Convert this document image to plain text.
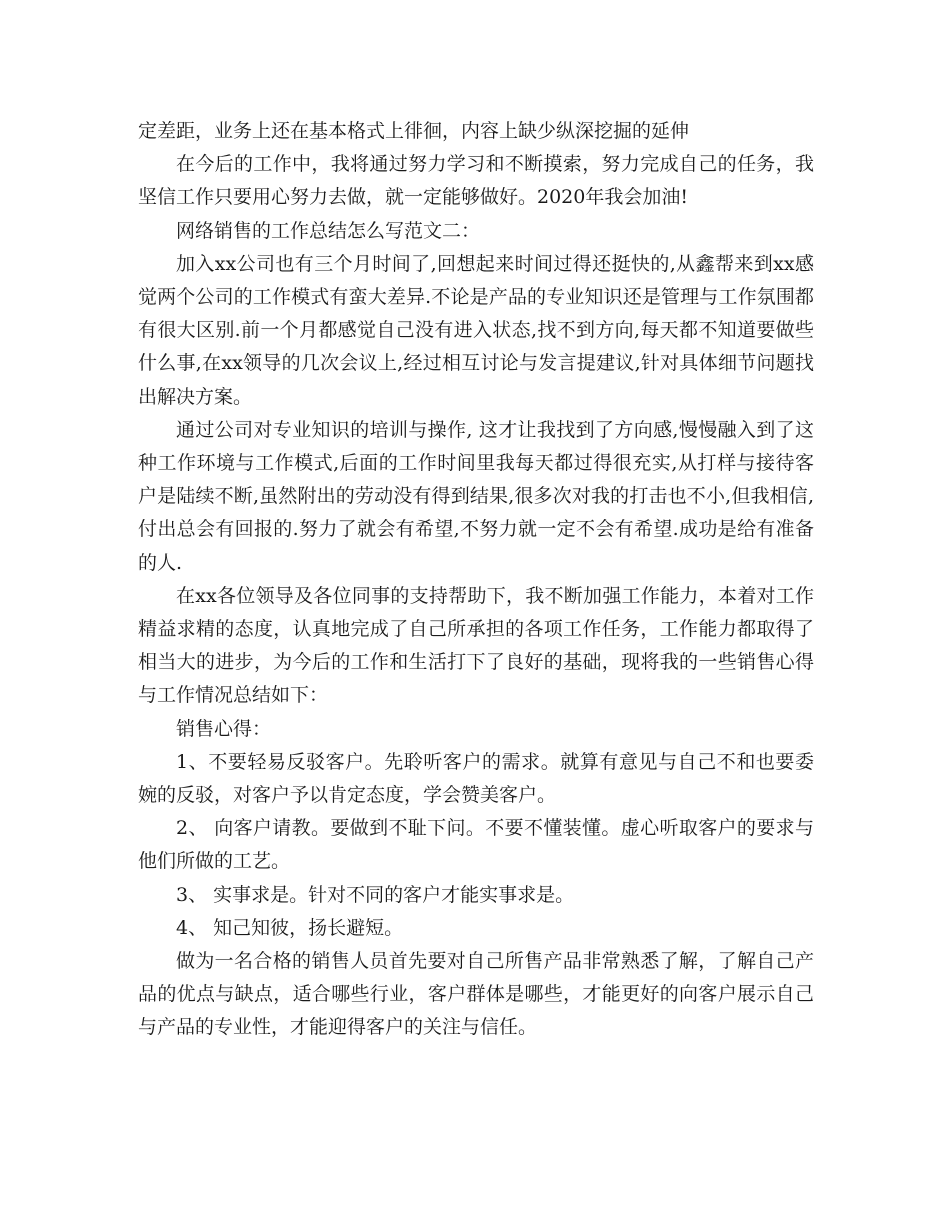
定差距，业务上还在基本格式上徘徊，内容上缺少纵深挖掘的延伸

在今后的工作中，我将通过努力学习和不断摸索，努力完成自己的任务，我坚信工作只要用心努力去做，就一定能够做好。2020年我会加油!

网络销售的工作总结怎么写范文二：

加入xx公司也有三个月时间了,回想起来时间过得还挺快的,从鑫帮来到xx感觉两个公司的工作模式有蛮大差异.不论是产品的专业知识还是管理与工作氛围都有很大区别.前一个月都感觉自己没有进入状态,找不到方向,每天都不知道要做些什么事,在xx领导的几次会议上,经过相互讨论与发言提建议,针对具体细节问题找出解决方案。

通过公司对专业知识的培训与操作, 这才让我找到了方向感,慢慢融入到了这种工作环境与工作模式,后面的工作时间里我每天都过得很充实,从打样与接待客户是陆续不断,虽然附出的劳动没有得到结果,很多次对我的打击也不小,但我相信,付出总会有回报的.努力了就会有希望,不努力就一定不会有希望.成功是给有准备的人.

在xx各位领导及各位同事的支持帮助下，我不断加强工作能力，本着对工作精益求精的态度，认真地完成了自己所承担的各项工作任务，工作能力都取得了相当大的进步，为今后的工作和生活打下了良好的基础，现将我的一些销售心得与工作情况总结如下：

销售心得：

1、不要轻易反驳客户。先聆听客户的需求。就算有意见与自己不和也要委婉的反驳，对客户予以肯定态度，学会赞美客户。

2、 向客户请教。要做到不耻下问。不要不懂装懂。虚心听取客户的要求与他们所做的工艺。

3、 实事求是。针对不同的客户才能实事求是。

4、 知己知彼，扬长避短。

做为一名合格的销售人员首先要对自己所售产品非常熟悉了解，了解自己产品的优点与缺点，适合哪些行业，客户群体是哪些，才能更好的向客户展示自己与产品的专业性，才能迎得客户的关注与信任。
